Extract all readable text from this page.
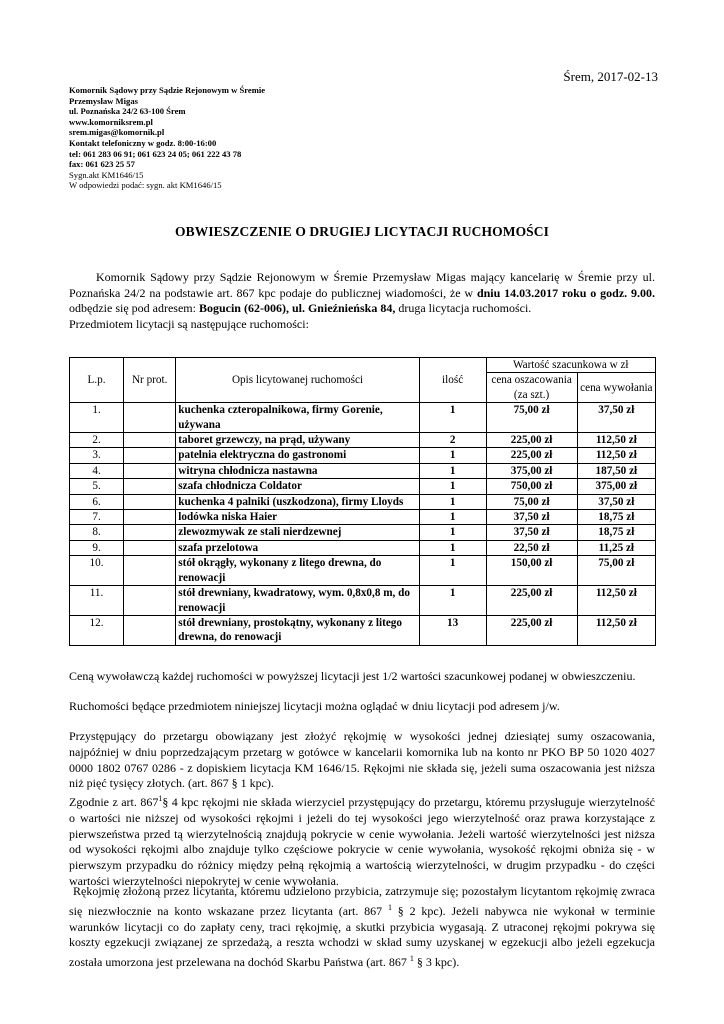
Śrem, 2017-02-13
Komornik Sądowy przy Sądzie Rejonowym w Śremie
Przemysław Migas
ul. Poznańska 24/2 63-100 Śrem
www.komorniksrem.pl
srem.migas@komornik.pl
Kontakt telefoniczny w godz. 8:00-16:00
tel: 061 283 06 91; 061 623 24 05; 061 222 43 78
fax: 061 623 25 57
Sygn.akt KM1646/15
W odpowiedzi podać: sygn. akt KM1646/15
OBWIESZCZENIE O DRUGIEJ LICYTACJI RUCHOMOŚCI

Komornik Sądowy przy Sądzie Rejonowym w Śremie Przemysław Migas mający kancelarię w Śremie przy ul. Poznańska 24/2 na podstawie art. 867 kpc podaje do publicznej wiadomości, że w dniu 14.03.2017 roku o godz. 9.00. odbędzie się pod adresem: Bogucin (62-006), ul. Gnieźnieńska 84, druga licytacja ruchomości.

Przedmiotem licytacji są następujące ruchomości:

L.p.	Nr prot.	Opis licytowanej ruchomości	ilość	Wartość szacunkowa w zł	
				cena oszacowania (za szt.)	cena wywołania
1.		kuchenka czteropalnikowa, firmy Gorenie, używana	1	75,00 zł	37,50 zł
2.		taboret grzewczy, na prąd, używany	2	225,00 zł	112,50 zł
3.		patelnia elektryczna do gastronomi	1	225,00 zł	112,50 zł
4.		witryna chłodnicza nastawna	1	375,00 zł	187,50 zł
5.		szafa chłodnicza Coldator	1	750,00 zł	375,00 zł
6.		kuchenka 4 palniki (uszkodzona), firmy Lloyds	1	75,00 zł	37,50 zł
7.		lodówka niska Haier	1	37,50 zł	18,75 zł
8.		zlewozmywak ze stali nierdzewnej	1	37,50 zł	18,75 zł
9.		szafa przelotowa	1	22,50 zł	11,25 zł
10.		stół okrągły, wykonany z litego drewna, do renowacji	1	150,00 zł	75,00 zł
11.		stół drewniany, kwadratowy, wym. 0,8x0,8 m, do renowacji	1	225,00 zł	112,50 zł
12.		stół drewniany, prostokątny, wykonany z litego drewna, do renowacji	13	225,00 zł	112,50 zł

Ceną wywoławczą każdej ruchomości w powyższej licytacji jest 1/2 wartości szacunkowej podanej w obwieszczeniu.

Ruchomości będące przedmiotem niniejszej licytacji można oglądać w dniu licytacji pod adresem j/w.

Przystępujący do przetargu obowiązany jest złożyć rękojmię w wysokości jednej dziesiątej sumy oszacowania, najpóźniej w dniu poprzedzającym przetarg w gotówce w kancelarii komornika lub na konto nr PKO BP 50 1020 4027 0000 1802 0767 0286 - z dopiskiem licytacja KM 1646/15. Rękojmi nie składa się, jeżeli suma oszacowania jest niższa niż pięć tysięcy złotych. (art. 867 § 1 kpc).

Zgodnie z art. $867^1\S$ 4 kpc rękojmi nie składa wierzyciel przystępujący do przetargu, któremu przysługuje wierzytelność o wartości nie niższej od wysokości rękojmi i jeżeli do tej wysokości jego wierzytelność oraz prawa korzystające z pierwszeństwa przed tą wierzytelnością znajdują pokrycie w cenie wywołania. Jeżeli wartość wierzytelności jest niższa od wysokości rękojmi albo znajduje tylko częściowe pokrycie w cenie wywołania, wysokość rękojmi obniża się - w pierwszym przypadku do różnicy między pełną rękojmią a wartością wierzytelności, w drugim przypadku - do części wartości wierzytelności niepokrytej w cenie wywołania.

Rękojmię złożoną przez licytanta, któremu udzielono przybicia, zatrzymuje się; pozostałym licytantom rękojmię zwraca się niezwłocznie na konto wskazane przez licytanta (art. 867 $^1$ § 2 kpc). Jeżeli nabywca nie wykonał w terminie warunków licytacji co do zapłaty ceny, traci rękojmię, a skutki przybicia wygasają. Z utraconej rękojmi pokrywa się koszty egzekucji związanej ze sprzedażą, a reszta wchodzi w skład sumy uzyskanej w egzekucji albo jeżeli egzekucja została umorzona jest przelewana na dochód Skarbu Państwa (art. 867 $^1$ § 3 kpc).
